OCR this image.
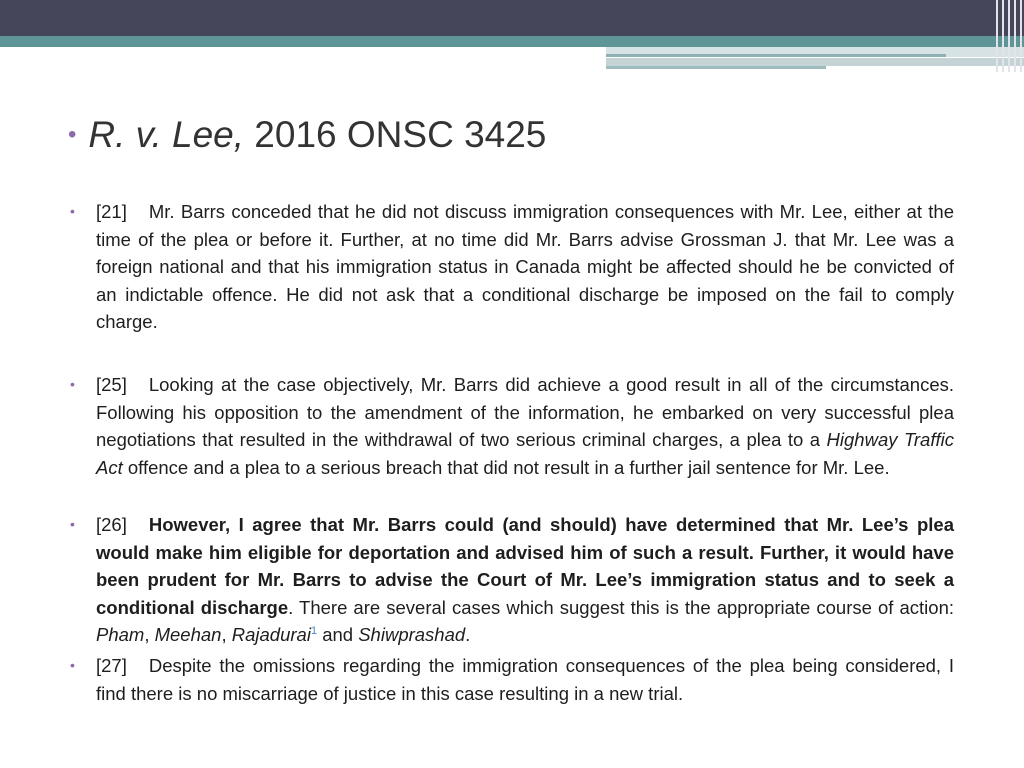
• R. v. Lee,
2016 ONSC 3425
• [21] Mr. Barrs conceded that he did not discuss immigration consequences with Mr. Lee, either at the time of the plea or before it. Further, at no time did Mr. Barrs advise Grossman J. that Mr. Lee was a foreign national and that his immigration status in Canada might be affected should he be convicted of an indictable offence. He did not ask that a conditional discharge be imposed on the fail to comply charge.
• [25] Looking at the case objectively, Mr. Barrs did achieve a good result in all of the circumstances. Following his opposition to the amendment of the information, he embarked on very successful plea negotiations that resulted in the withdrawal of two serious criminal charges, a plea to a Highway Traffic Act offence and a plea to a serious breach that did not result in a further jail sentence for Mr. Lee.
• [26] However, I agree that Mr. Barrs could (and should) have determined that Mr. Lee’s plea would make him eligible for deportation and advised him of such a result. Further, it would have been prudent for Mr. Barrs to advise the Court of Mr. Lee’s immigration status and to seek a conditional discharge. There are several cases which suggest this is the appropriate course of action: Pham, Meehan, Rajadurai$^1$ and Shiwprashad.
• [27] Despite the omissions regarding the immigration consequences of the plea being considered, I find there is no miscarriage of justice in this case resulting in a new trial.
